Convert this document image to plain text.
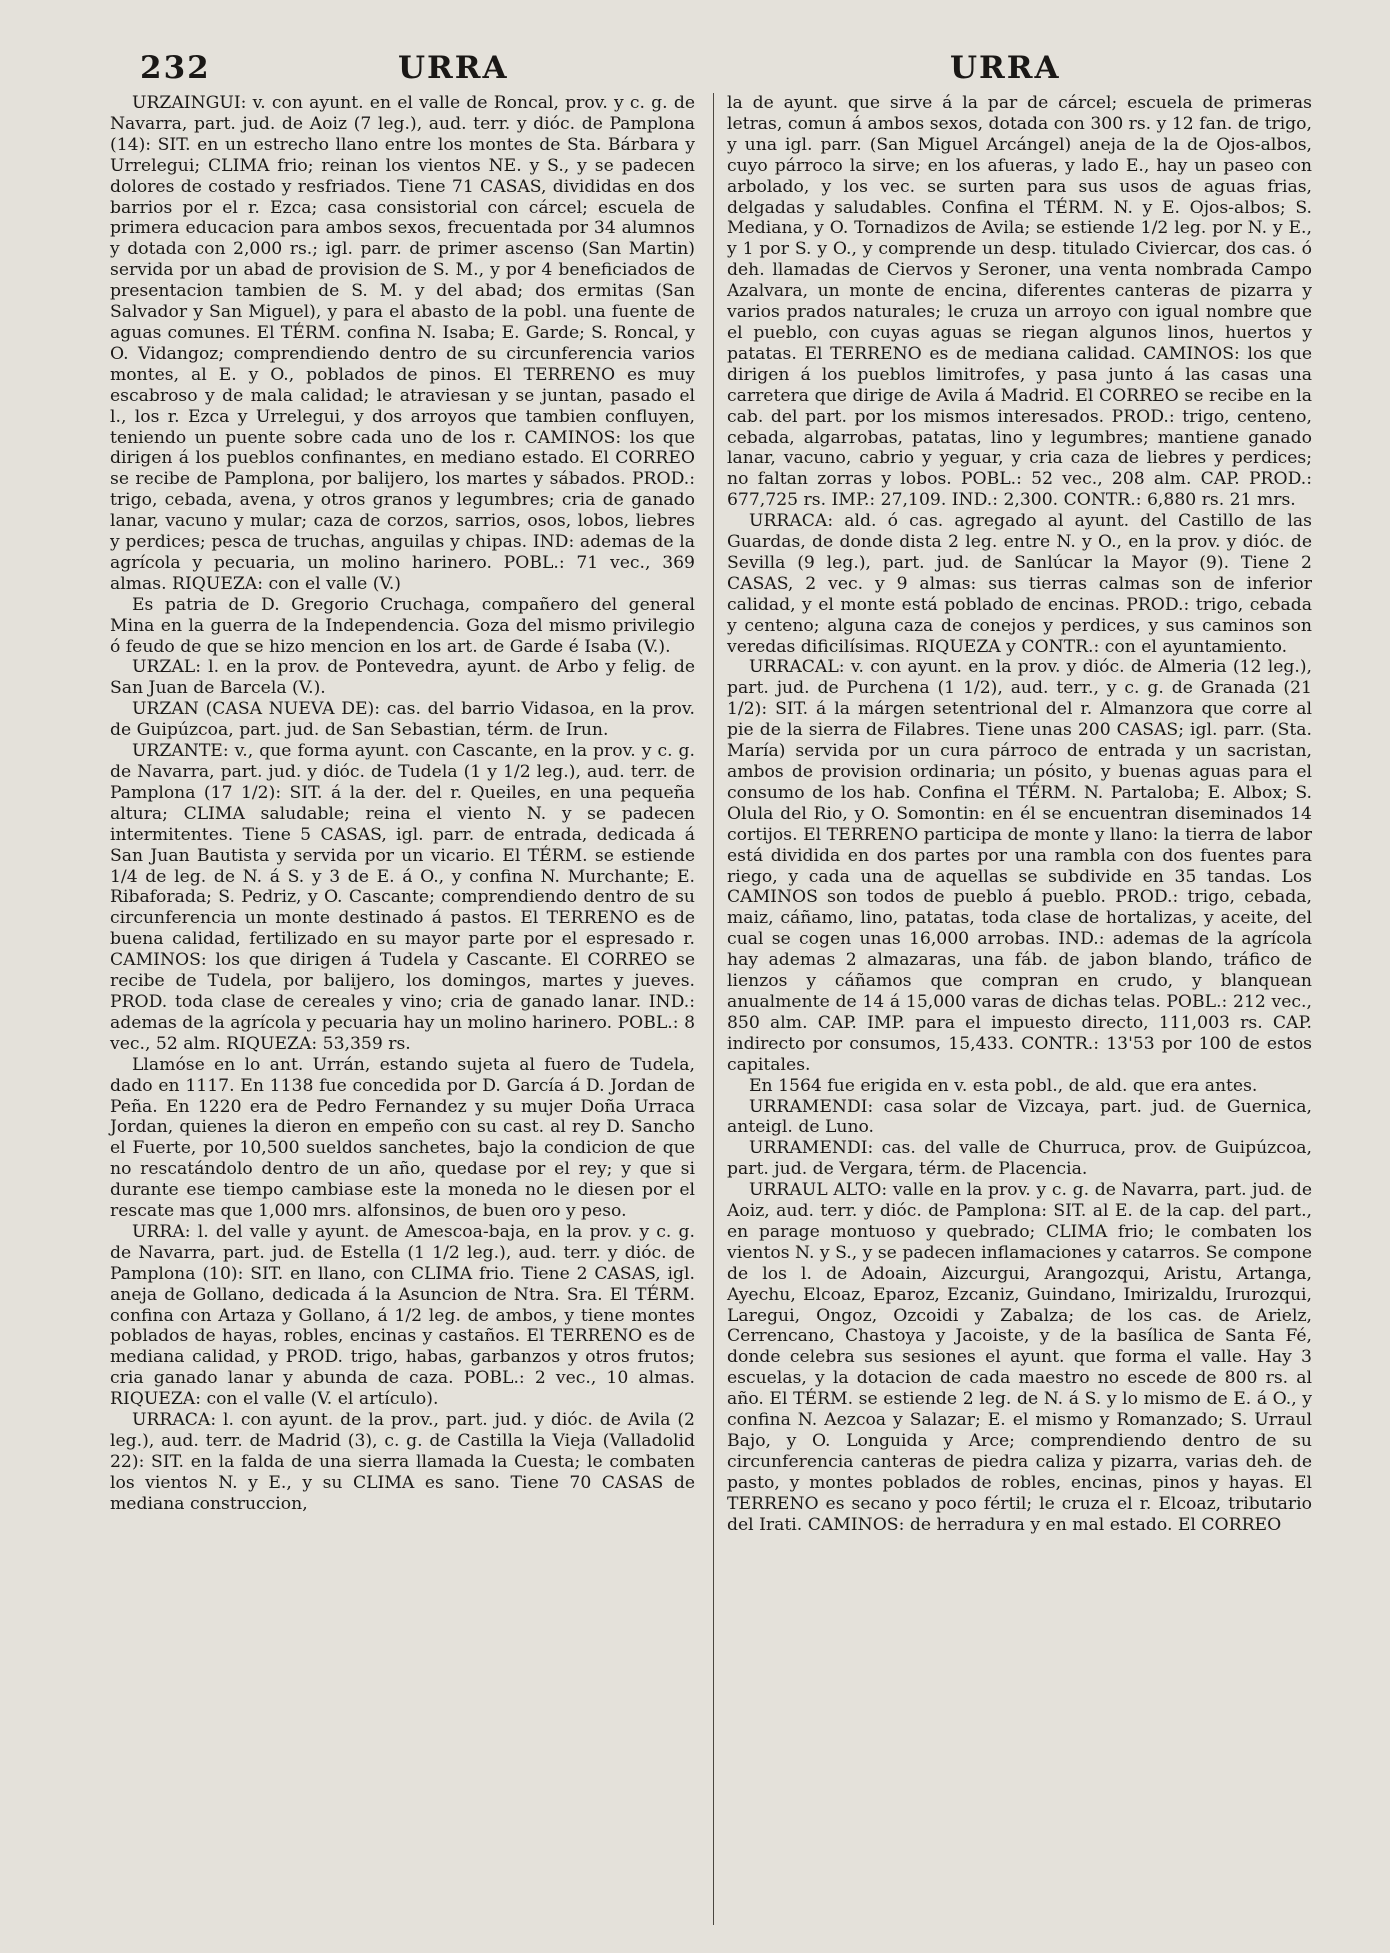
232	URRA	URRA

URZAINGUI: v. con ayunt. en el valle de Roncal, prov. y c. g. de Navarra, part. jud. de Aoiz (7 leg.), aud. terr. y dióc. de Pamplona (14): SIT. en un estrecho llano entre los montes de Sta. Bárbara y Urrelegui; CLIMA frio; reinan los vientos NE. y S., y se padecen dolores de costado y resfriados. Tiene 71 CASAS, divididas en dos barrios por el r. Ezca; casa consistorial con cárcel; escuela de primera educacion para ambos sexos, frecuentada por 34 alumnos y dotada con 2,000 rs.; igl. parr. de primer ascenso (San Martin) servida por un abad de provision de S. M., y por 4 beneficiados de presentacion tambien de S. M. y del abad; dos ermitas (San Salvador y San Miguel), y para el abasto de la pobl. una fuente de aguas comunes. El TÉRM. confina N. Isaba; E. Garde; S. Roncal, y O. Vidangoz; comprendiendo dentro de su circunferencia varios montes, al E. y O., poblados de pinos. El TERRENO es muy escabroso y de mala calidad; le atraviesan y se juntan, pasado el l., los r. Ezca y Urrelegui, y dos arroyos que tambien confluyen, teniendo un puente sobre cada uno de los r. CAMINOS: los que dirigen á los pueblos confinantes, en mediano estado. El CORREO se recibe de Pamplona, por balijero, los martes y sábados. PROD.: trigo, cebada, avena, y otros granos y legumbres; cria de ganado lanar, vacuno y mular; caza de corzos, sarrios, osos, lobos, liebres y perdices; pesca de truchas, anguilas y chipas. IND: ademas de la agrícola y pecuaria, un molino harinero. POBL.: 71 vec., 369 almas. RIQUEZA: con el valle (V.)

Es patria de D. Gregorio Cruchaga, compañero del general Mina en la guerra de la Independencia. Goza del mismo privilegio ó feudo de que se hizo mencion en los art. de Garde é Isaba (V.).

URZAL: l. en la prov. de Pontevedra, ayunt. de Arbo y felig. de San Juan de Barcela (V.).

URZAN (CASA NUEVA DE): cas. del barrio Vidasoa, en la prov. de Guipúzcoa, part. jud. de San Sebastian, térm. de Irun.

URZANTE: v., que forma ayunt. con Cascante, en la prov. y c. g. de Navarra, part. jud. y dióc. de Tudela (1 y 1/2 leg.), aud. terr. de Pamplona (17 1/2): SIT. á la der. del r. Queiles, en una pequeña altura; CLIMA saludable; reina el viento N. y se padecen intermitentes. Tiene 5 CASAS, igl. parr. de entrada, dedicada á San Juan Bautista y servida por un vicario. El TÉRM. se estiende 1/4 de leg. de N. á S. y 3 de E. á O., y confina N. Murchante; E. Ribaforada; S. Pedriz, y O. Cascante; comprendiendo dentro de su circunferencia un monte destinado á pastos. El TERRENO es de buena calidad, fertilizado en su mayor parte por el espresado r. CAMINOS: los que dirigen á Tudela y Cascante. El CORREO se recibe de Tudela, por balijero, los domingos, martes y jueves. PROD. toda clase de cereales y vino; cria de ganado lanar. IND.: ademas de la agrícola y pecuaria hay un molino harinero. POBL.: 8 vec., 52 alm. RIQUEZA: 53,359 rs.

Llamóse en lo ant. Urrán, estando sujeta al fuero de Tudela, dado en 1117. En 1138 fue concedida por D. García á D. Jordan de Peña. En 1220 era de Pedro Fernandez y su mujer Doña Urraca Jordan, quienes la dieron en empeño con su cast. al rey D. Sancho el Fuerte, por 10,500 sueldos sanchetes, bajo la condicion de que no rescatándolo dentro de un año, quedase por el rey; y que si durante ese tiempo cambiase este la moneda no le diesen por el rescate mas que 1,000 mrs. alfonsinos, de buen oro y peso.

URRA: l. del valle y ayunt. de Amescoa-baja, en la prov. y c. g. de Navarra, part. jud. de Estella (1 1/2 leg.), aud. terr. y dióc. de Pamplona (10): SIT. en llano, con CLIMA frio. Tiene 2 CASAS, igl. aneja de Gollano, dedicada á la Asuncion de Ntra. Sra. El TÉRM. confina con Artaza y Gollano, á 1/2 leg. de ambos, y tiene montes poblados de hayas, robles, encinas y castaños. El TERRENO es de mediana calidad, y PROD. trigo, habas, garbanzos y otros frutos; cria ganado lanar y abunda de caza. POBL.: 2 vec., 10 almas. RIQUEZA: con el valle (V. el artículo).

URRACA: l. con ayunt. de la prov., part. jud. y dióc. de Avila (2 leg.), aud. terr. de Madrid (3), c. g. de Castilla la Vieja (Valladolid 22): SIT. en la falda de una sierra llamada la Cuesta; le combaten los vientos N. y E., y su CLIMA es sano. Tiene 70 CASAS de mediana construccion,

la de ayunt. que sirve á la par de cárcel; escuela de primeras letras, comun á ambos sexos, dotada con 300 rs. y 12 fan. de trigo, y una igl. parr. (San Miguel Arcángel) aneja de la de Ojos-albos, cuyo párroco la sirve; en los afueras, y lado E., hay un paseo con arbolado, y los vec. se surten para sus usos de aguas frias, delgadas y saludables. Confina el TÉRM. N. y E. Ojos-albos; S. Mediana, y O. Tornadizos de Avila; se estiende 1/2 leg. por N. y E., y 1 por S. y O., y comprende un desp. titulado Civiercar, dos cas. ó deh. llamadas de Ciervos y Seroner, una venta nombrada Campo Azalvara, un monte de encina, diferentes canteras de pizarra y varios prados naturales; le cruza un arroyo con igual nombre que el pueblo, con cuyas aguas se riegan algunos linos, huertos y patatas. El TERRENO es de mediana calidad. CAMINOS: los que dirigen á los pueblos limitrofes, y pasa junto á las casas una carretera que dirige de Avila á Madrid. El CORREO se recibe en la cab. del part. por los mismos interesados. PROD.: trigo, centeno, cebada, algarrobas, patatas, lino y legumbres; mantiene ganado lanar, vacuno, cabrio y yeguar, y cria caza de liebres y perdices; no faltan zorras y lobos. POBL.: 52 vec., 208 alm. CAP. PROD.: 677,725 rs. IMP.: 27,109. IND.: 2,300. CONTR.: 6,880 rs. 21 mrs.

URRACA: ald. ó cas. agregado al ayunt. del Castillo de las Guardas, de donde dista 2 leg. entre N. y O., en la prov. y dióc. de Sevilla (9 leg.), part. jud. de Sanlúcar la Mayor (9). Tiene 2 CASAS, 2 vec. y 9 almas: sus tierras calmas son de inferior calidad, y el monte está poblado de encinas. PROD.: trigo, cebada y centeno; alguna caza de conejos y perdices, y sus caminos son veredas dificilísimas. RIQUEZA y CONTR.: con el ayuntamiento.

URRACAL: v. con ayunt. en la prov. y dióc. de Almeria (12 leg.), part. jud. de Purchena (1 1/2), aud. terr., y c. g. de Granada (21 1/2): SIT. á la márgen setentrional del r. Almanzora que corre al pie de la sierra de Filabres. Tiene unas 200 CASAS; igl. parr. (Sta. María) servida por un cura párroco de entrada y un sacristan, ambos de provision ordinaria; un pósito, y buenas aguas para el consumo de los hab. Confina el TÉRM. N. Partaloba; E. Albox; S. Olula del Rio, y O. Somontin: en él se encuentran diseminados 14 cortijos. El TERRENO participa de monte y llano: la tierra de labor está dividida en dos partes por una rambla con dos fuentes para riego, y cada una de aquellas se subdivide en 35 tandas. Los CAMINOS son todos de pueblo á pueblo. PROD.: trigo, cebada, maiz, cáñamo, lino, patatas, toda clase de hortalizas, y aceite, del cual se cogen unas 16,000 arrobas. IND.: ademas de la agrícola hay ademas 2 almazaras, una fáb. de jabon blando, tráfico de lienzos y cáñamos que compran en crudo, y blanquean anualmente de 14 á 15,000 varas de dichas telas. POBL.: 212 vec., 850 alm. CAP. IMP. para el impuesto directo, 111,003 rs. CAP. indirecto por consumos, 15,433. CONTR.: 13'53 por 100 de estos capitales.

En 1564 fue erigida en v. esta pobl., de ald. que era antes.

URRAMENDI: casa solar de Vizcaya, part. jud. de Guernica, anteigl. de Luno.

URRAMENDI: cas. del valle de Churruca, prov. de Guipúzcoa, part. jud. de Vergara, térm. de Placencia.

URRAUL ALTO: valle en la prov. y c. g. de Navarra, part. jud. de Aoiz, aud. terr. y dióc. de Pamplona: SIT. al E. de la cap. del part., en parage montuoso y quebrado; CLIMA frio; le combaten los vientos N. y S., y se padecen inflamaciones y catarros. Se compone de los l. de Adoain, Aizcurgui, Arangozqui, Aristu, Artanga, Ayechu, Elcoaz, Eparoz, Ezcaniz, Guindano, Imirizaldu, Irurozqui, Laregui, Ongoz, Ozcoidi y Zabalza; de los cas. de Arielz, Cerrencano, Chastoya y Jacoiste, y de la basílica de Santa Fé, donde celebra sus sesiones el ayunt. que forma el valle. Hay 3 escuelas, y la dotacion de cada maestro no escede de 800 rs. al año. El TÉRM. se estiende 2 leg. de N. á S. y lo mismo de E. á O., y confina N. Aezcoa y Salazar; E. el mismo y Romanzado; S. Urraul Bajo, y O. Longuida y Arce; comprendiendo dentro de su circunferencia canteras de piedra caliza y pizarra, varias deh. de pasto, y montes poblados de robles, encinas, pinos y hayas. El TERRENO es secano y poco fértil; le cruza el r. Elcoaz, tributario del Irati. CAMINOS: de herradura y en mal estado. El CORREO
